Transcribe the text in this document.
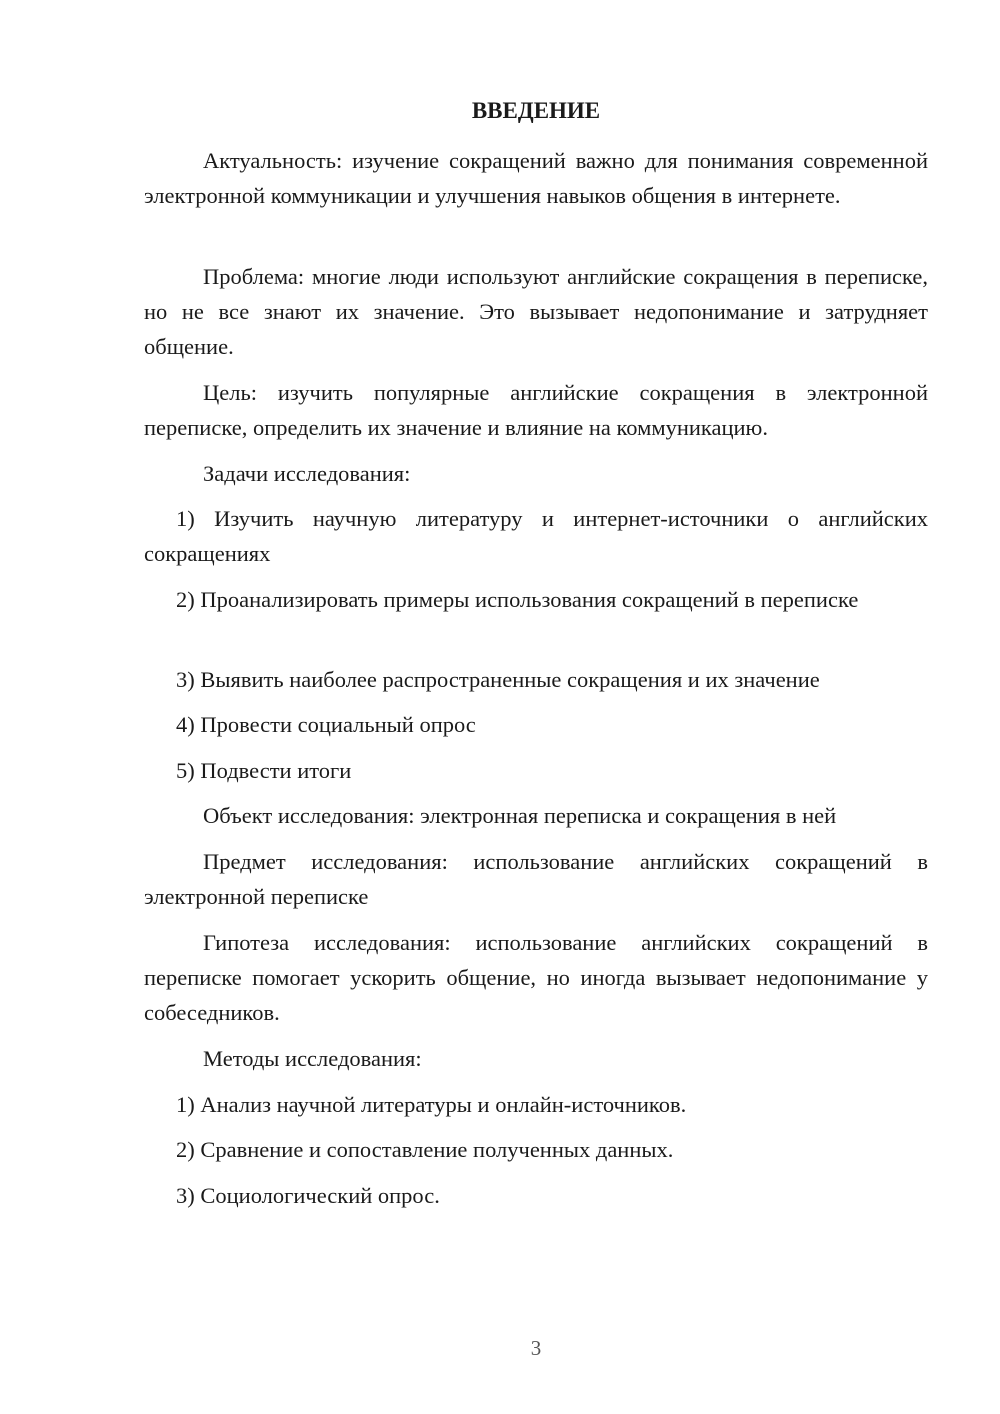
ВВЕДЕНИЕ

Актуальность: изучение сокращений важно для понимания современной электронной коммуникации и улучшения навыков общения в интернете.

Проблема: многие люди используют английские сокращения в переписке, но не все знают их значение. Это вызывает недопонимание и затрудняет общение.

Цель: изучить популярные английские сокращения в электронной переписке, определить их значение и влияние на коммуникацию.

Задачи исследования:

1) Изучить научную литературу и интернет-источники о английских сокращениях

2) Проанализировать примеры использования сокращений в переписке

3) Выявить наиболее распространенные сокращения и их значение

4) Провести социальный опрос

5) Подвести итоги

Объект исследования: электронная переписка и сокращения в ней

Предмет исследования: использование английских сокращений в электронной переписке

Гипотеза исследования: использование английских сокращений в переписке помогает ускорить общение, но иногда вызывает недопонимание у собеседников.

Методы исследования:

1) Анализ научной литературы и онлайн-источников.

2) Сравнение и сопоставление полученных данных.

3) Социологический опрос.

3
